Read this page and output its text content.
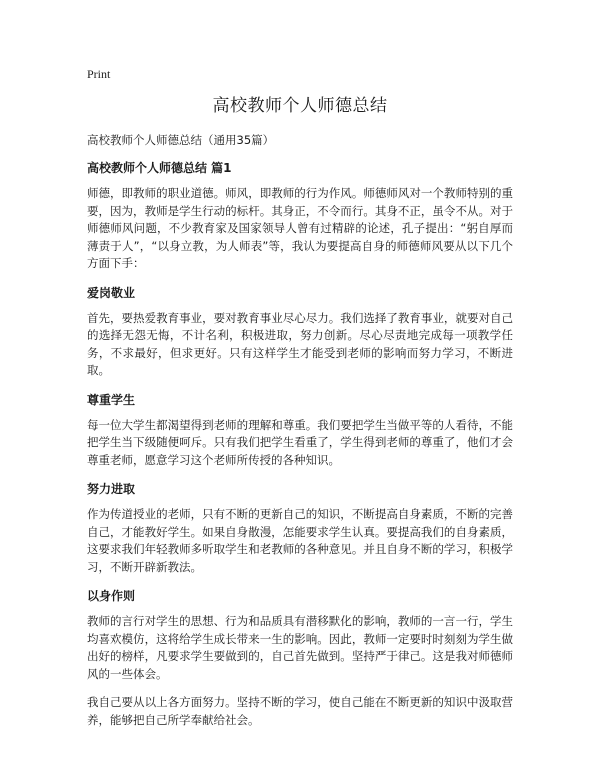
Print
高校教师个人师德总结
高校教师个人师德总结（通用35篇）
高校教师个人师德总结 篇1

师德，即教师的职业道德。师风，即教师的行为作风。师德师风对一个教师特别的重要，因为，教师是学生行动的标杆。其身正，不令而行。其身不正，虽令不从。对于师德师风问题，不少教育家及国家领导人曾有过精辟的论述，孔子提出：“躬自厚而薄责于人”，“以身立教，为人师表”等，我认为要提高自身的师德师风要从以下几个方面下手：

爱岗敬业

首先，要热爱教育事业，要对教育事业尽心尽力。我们选择了教育事业，就要对自己的选择无怨无悔，不计名利，积极进取，努力创新。尽心尽责地完成每一项教学任务，不求最好，但求更好。只有这样学生才能受到老师的影响而努力学习，不断进取。

尊重学生

每一位大学生都渴望得到老师的理解和尊重。我们要把学生当做平等的人看待，不能把学生当下级随便呵斥。只有我们把学生看重了，学生得到老师的尊重了，他们才会尊重老师，愿意学习这个老师所传授的各种知识。

努力进取

作为传道授业的老师，只有不断的更新自己的知识，不断提高自身素质，不断的完善自己，才能教好学生。如果自身散漫，怎能要求学生认真。要提高我们的自身素质，这要求我们年轻教师多听取学生和老教师的各种意见。并且自身不断的学习，积极学习，不断开辟新教法。

以身作则

教师的言行对学生的思想、行为和品质具有潜移默化的影响，教师的一言一行，学生均喜欢模仿，这将给学生成长带来一生的影响。因此，教师一定要时时刻刻为学生做出好的榜样，凡要求学生要做到的，自己首先做到。坚持严于律己。这是我对师德师风的一些体会。

我自己要从以上各方面努力。坚持不断的学习，使自己能在不断更新的知识中汲取营养，能够把自己所学奉献给社会。
